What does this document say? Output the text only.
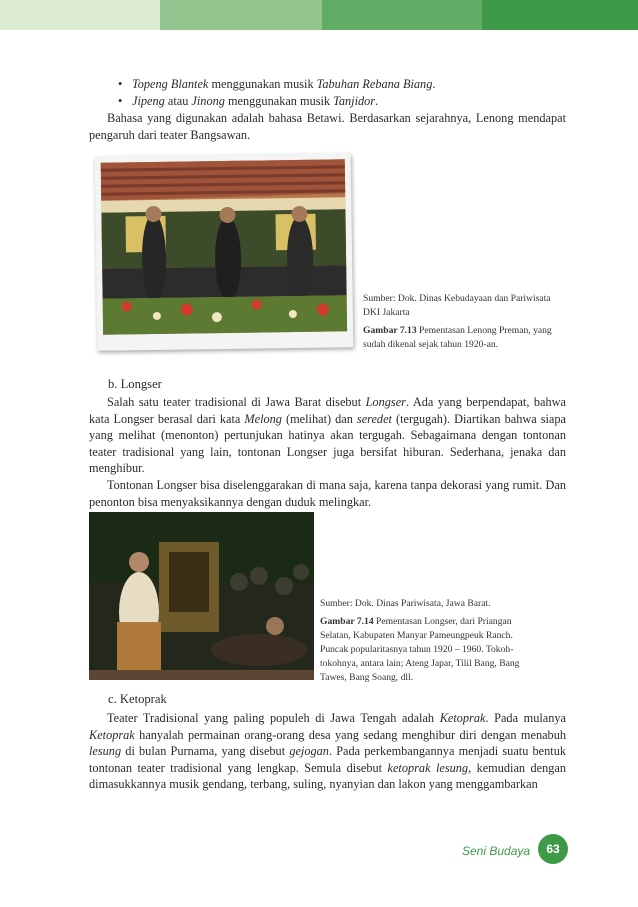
• Topeng Blantek menggunakan musik Tabuhan Rebana Biang.
• Jipeng atau Jinong menggunakan musik Tanjidor.

Bahasa yang digunakan adalah bahasa Betawi. Berdasarkan sejarahnya, Lenong mendapat pengaruh dari teater Bangsawan.

Sumber: Dok. Dinas Kebudayaan dan Pariwisata DKI Jakarta
Gambar 7.13 Pementasan Lenong Preman, yang sudah dikenal sejak tahun 1920-an.
b. Longser

Salah satu teater tradisional di Jawa Barat disebut Longser. Ada yang berpendapat, bahwa kata Longser berasal dari kata Melong (melihat) dan seredet (tergugah). Diartikan bahwa siapa yang melihat (menonton) pertunjukan hatinya akan tergugah. Sebagaimana dengan tontonan teater tradisional yang lain, tontonan Longser juga bersifat hiburan. Sederhana, jenaka dan menghibur.

Tontonan Longser bisa diselenggarakan di mana saja, karena tanpa dekorasi yang rumit. Dan penonton bisa menyaksikannya dengan duduk melingkar.

Sumber: Dok. Dinas Pariwisata, Jawa Barat.
Gambar 7.14 Pementasan Longser, dari Priangan Selatan, Kabupaten Manyar Pameungpeuk Ranch. Puncak popularitasnya tahun 1920 – 1960. Tokoh-tokohnya, antara lain; Ateng Japar, Tilil Bang, Bang Tawes, Bang Soang, dll.
c. Ketoprak

Teater Tradisional yang paling populeh di Jawa Tengah adalah Ketoprak. Pada mulanya Ketoprak hanyalah permainan orang-orang desa yang sedang menghibur diri dengan menabuh lesung di bulan Purnama, yang disebut gejogan. Pada perkembangannya menjadi suatu bentuk tontonan teater tradisional yang lengkap. Semula disebut ketoprak lesung, kemudian dengan dimasukkannya musik gendang, terbang, suling, nyanyian dan lakon yang menggambarkan

Seni Budaya	63
